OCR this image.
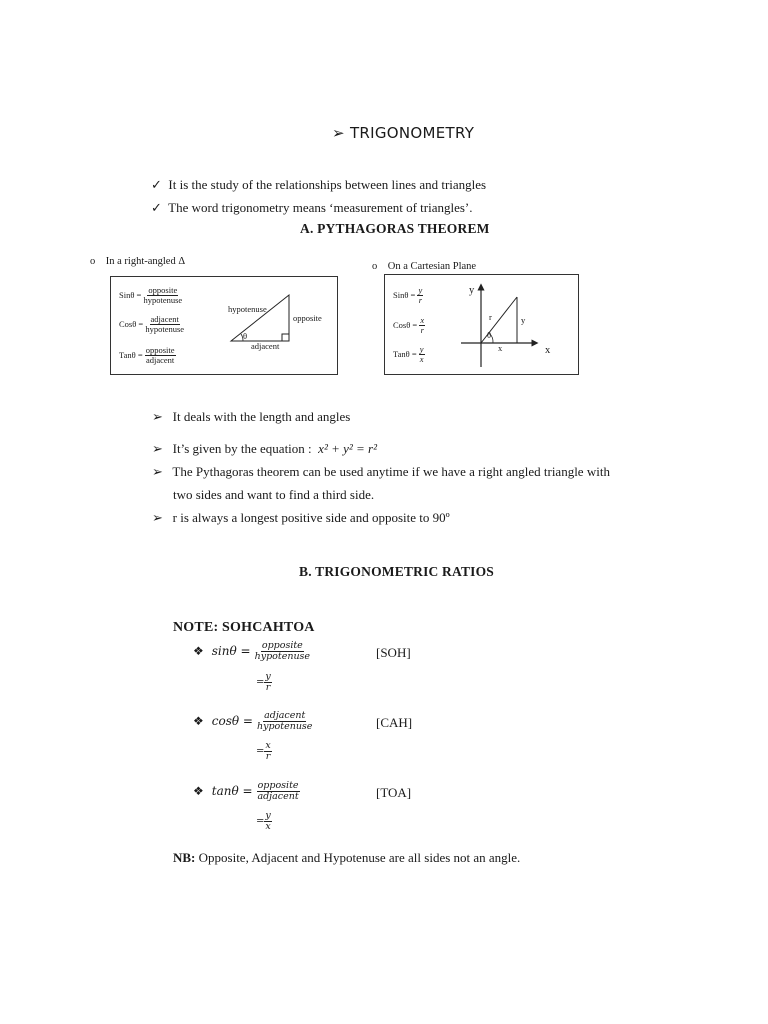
➢ TRIGONOMETRY
✓ It is the study of the relationships between lines and triangles
✓ The word trigonometry means ‘measurement of triangles’.
A. PYTHAGORAS THEOREM
o In a right-angled Δ	o On a Cartesian Plane
Sinθ =
$\frac{\text{opposite}}{\text{hypotenuse}}$
Cosθ =
$\frac{\text{adjacent}}{\text{hypotenuse}}$
Tanθ =
$\frac{\text{opposite}}{\text{adjacent}}$
hypotenuse
opposite
adjacent
θ
Sinθ =
$\frac{y}{r}$
Cosθ =
$\frac{x}{r}$
Tanθ =
$\frac{y}{x}$
y
x
r	y
x
θ
➢ It deals with the length and angles
➢ It’s given by the equation : x² + y² = r²
➢ The Pythagoras theorem can be used anytime if we have a right angled triangle with
two sides and want to find a third side.
➢ r is always a longest positive side and opposite to 90º
B. TRIGONOMETRIC RATIOS
NOTE: SOHCAHTOA
❖
sinθ =
$\frac{\text{opposite}}{\text{hypotenuse}}$	[SOH]
= $\frac{y}{r}$
❖
cosθ =
$\frac{\text{adjacent}}{\text{hypotenuse}}$	[CAH]
= $\frac{x}{r}$
❖
tanθ =
$\frac{\text{opposite}}{\text{adjacent}}$	[TOA]
= $\frac{y}{x}$
NB: Opposite, Adjacent and Hypotenuse are all sides not an angle.
